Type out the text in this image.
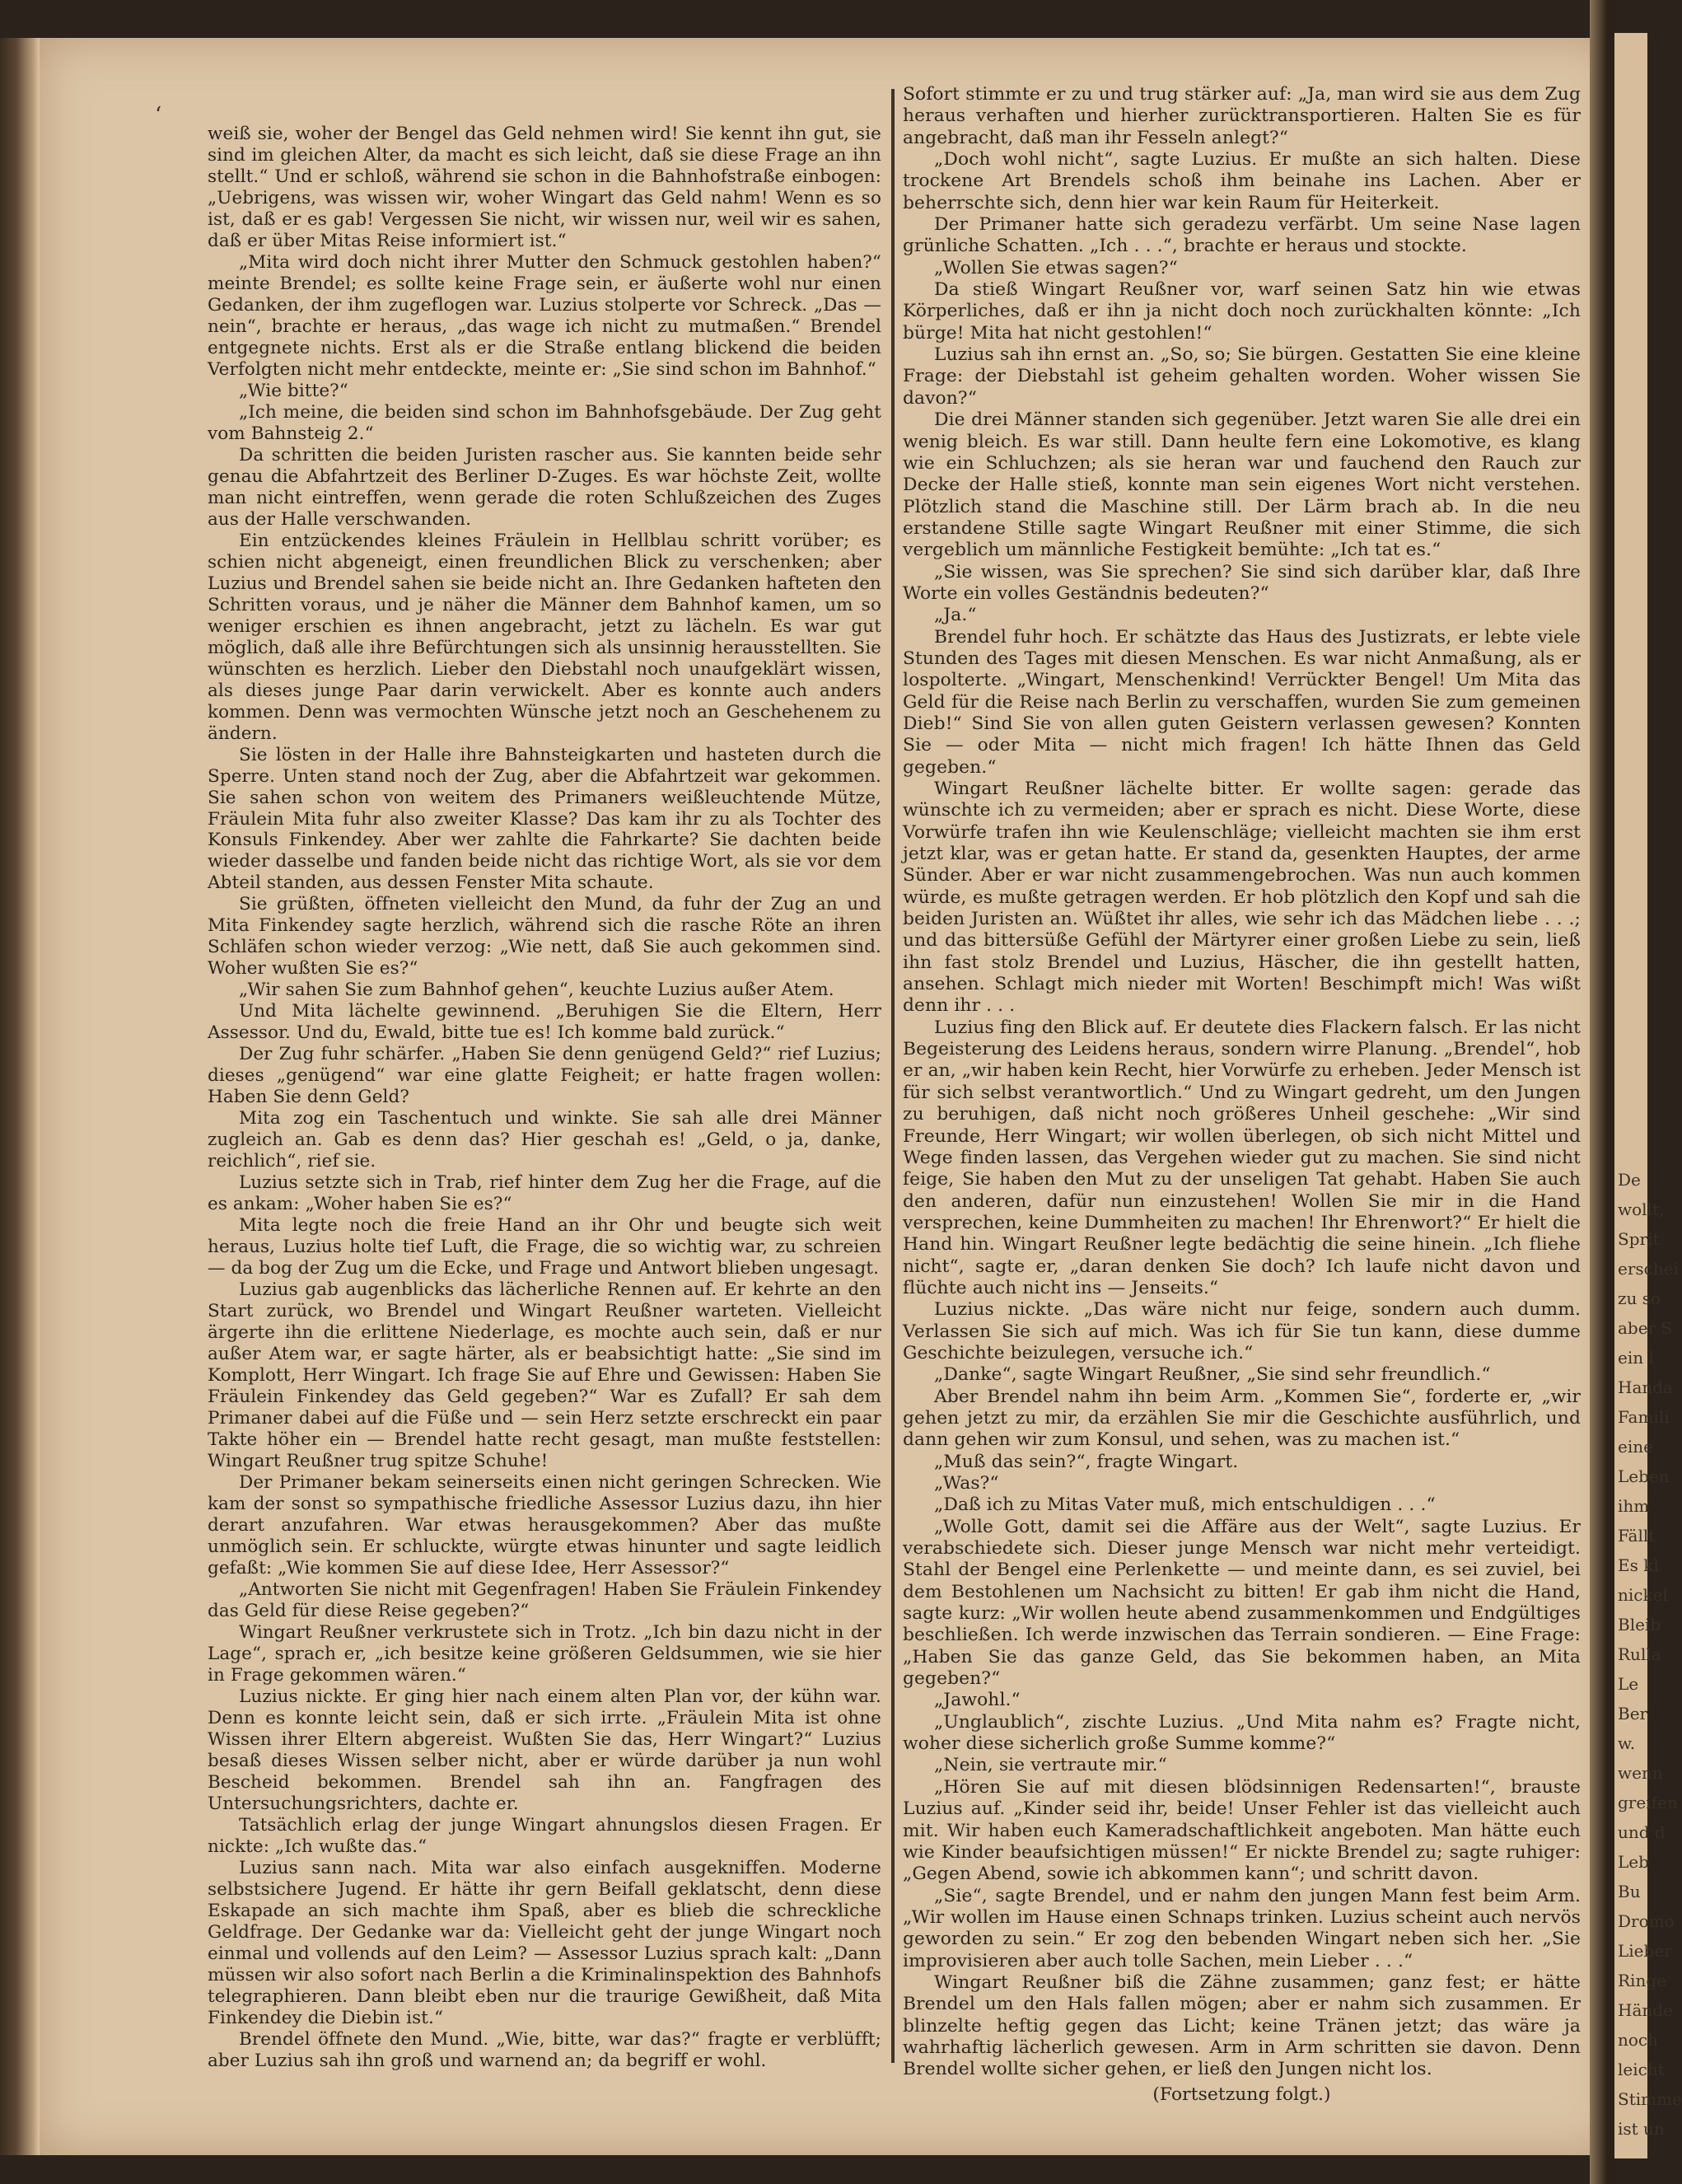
De
wollt,
Sprit
erschei
zu so
aber S
ein l
Handa
Famili
eine
Leben
ihm
Fällt
Es kl
nickel
Bleib
Rulla
Le
Ber
w.
wenn
greifen
und d
Leb
Bu
Dromo
Lieber
Ringe
Hände
noch
leicht
Stimme
ist un
ʻ

weiß sie, woher der Bengel das Geld nehmen wird! Sie kennt ihn gut, sie sind im gleichen Alter, da macht es sich leicht, daß sie diese Frage an ihn stellt.“ Und er schloß, während sie schon in die Bahnhofstraße einbogen: „Uebrigens, was wissen wir, woher Wingart das Geld nahm! Wenn es so ist, daß er es gab! Vergessen Sie nicht, wir wissen nur, weil wir es sahen, daß er über Mitas Reise informiert ist.“

„Mita wird doch nicht ihrer Mutter den Schmuck gestohlen haben?“ meinte Brendel; es sollte keine Frage sein, er äußerte wohl nur einen Gedanken, der ihm zugeflogen war. Luzius stolperte vor Schreck. „Das — nein“, brachte er heraus, „das wage ich nicht zu mutmaßen.“ Brendel entgegnete nichts. Erst als er die Straße entlang blickend die beiden Verfolgten nicht mehr entdeckte, meinte er: „Sie sind schon im Bahnhof.“

„Wie bitte?“

„Ich meine, die beiden sind schon im Bahnhofsgebäude. Der Zug geht vom Bahnsteig 2.“

Da schritten die beiden Juristen rascher aus. Sie kannten beide sehr genau die Abfahrtzeit des Berliner D-Zuges. Es war höchste Zeit, wollte man nicht eintreffen, wenn gerade die roten Schlußzeichen des Zuges aus der Halle verschwanden.

Ein entzückendes kleines Fräulein in Hellblau schritt vorüber; es schien nicht abgeneigt, einen freundlichen Blick zu verschenken; aber Luzius und Brendel sahen sie beide nicht an. Ihre Gedanken hafteten den Schritten voraus, und je näher die Männer dem Bahnhof kamen, um so weniger erschien es ihnen angebracht, jetzt zu lächeln. Es war gut möglich, daß alle ihre Befürchtungen sich als unsinnig herausstellten. Sie wünschten es herzlich. Lieber den Diebstahl noch unaufgeklärt wissen, als dieses junge Paar darin verwickelt. Aber es konnte auch anders kommen. Denn was vermochten Wünsche jetzt noch an Geschehenem zu ändern.

Sie lösten in der Halle ihre Bahnsteigkarten und hasteten durch die Sperre. Unten stand noch der Zug, aber die Abfahrtzeit war gekommen. Sie sahen schon von weitem des Primaners weißleuchtende Mütze, Fräulein Mita fuhr also zweiter Klasse? Das kam ihr zu als Tochter des Konsuls Finkendey. Aber wer zahlte die Fahrkarte? Sie dachten beide wieder dasselbe und fanden beide nicht das richtige Wort, als sie vor dem Abteil standen, aus dessen Fenster Mita schaute.

Sie grüßten, öffneten vielleicht den Mund, da fuhr der Zug an und Mita Finkendey sagte herzlich, während sich die rasche Röte an ihren Schläfen schon wieder verzog: „Wie nett, daß Sie auch gekommen sind. Woher wußten Sie es?“

„Wir sahen Sie zum Bahnhof gehen“, keuchte Luzius außer Atem.

Und Mita lächelte gewinnend. „Beruhigen Sie die Eltern, Herr Assessor. Und du, Ewald, bitte tue es! Ich komme bald zurück.“

Der Zug fuhr schärfer. „Haben Sie denn genügend Geld?“ rief Luzius; dieses „genügend“ war eine glatte Feigheit; er hatte fragen wollen: Haben Sie denn Geld?

Mita zog ein Taschentuch und winkte. Sie sah alle drei Männer zugleich an. Gab es denn das? Hier geschah es! „Geld, o ja, danke, reichlich“, rief sie.

Luzius setzte sich in Trab, rief hinter dem Zug her die Frage, auf die es ankam: „Woher haben Sie es?“

Mita legte noch die freie Hand an ihr Ohr und beugte sich weit heraus, Luzius holte tief Luft, die Frage, die so wichtig war, zu schreien — da bog der Zug um die Ecke, und Frage und Antwort blieben ungesagt.

Luzius gab augenblicks das lächerliche Rennen auf. Er kehrte an den Start zurück, wo Brendel und Wingart Reußner warteten. Vielleicht ärgerte ihn die erlittene Niederlage, es mochte auch sein, daß er nur außer Atem war, er sagte härter, als er beabsichtigt hatte: „Sie sind im Komplott, Herr Wingart. Ich frage Sie auf Ehre und Gewissen: Haben Sie Fräulein Finkendey das Geld gegeben?“ War es Zufall? Er sah dem Primaner dabei auf die Füße und — sein Herz setzte erschreckt ein paar Takte höher ein — Brendel hatte recht gesagt, man mußte feststellen: Wingart Reußner trug spitze Schuhe!

Der Primaner bekam seinerseits einen nicht geringen Schrecken. Wie kam der sonst so sympathische friedliche Assessor Luzius dazu, ihn hier derart anzufahren. War etwas herausgekommen? Aber das mußte unmöglich sein. Er schluckte, würgte etwas hinunter und sagte leidlich gefaßt: „Wie kommen Sie auf diese Idee, Herr Assessor?“

„Antworten Sie nicht mit Gegenfragen! Haben Sie Fräulein Finkendey das Geld für diese Reise gegeben?“

Wingart Reußner verkrustete sich in Trotz. „Ich bin dazu nicht in der Lage“, sprach er, „ich besitze keine größeren Geldsummen, wie sie hier in Frage gekommen wären.“

Luzius nickte. Er ging hier nach einem alten Plan vor, der kühn war. Denn es konnte leicht sein, daß er sich irrte. „Fräulein Mita ist ohne Wissen ihrer Eltern abgereist. Wußten Sie das, Herr Wingart?“ Luzius besaß dieses Wissen selber nicht, aber er würde darüber ja nun wohl Bescheid bekommen. Brendel sah ihn an. Fangfragen des Untersuchungsrichters, dachte er.

Tatsächlich erlag der junge Wingart ahnungslos diesen Fragen. Er nickte: „Ich wußte das.“

Luzius sann nach. Mita war also einfach ausgekniffen. Moderne selbstsichere Jugend. Er hätte ihr gern Beifall geklatscht, denn diese Eskapade an sich machte ihm Spaß, aber es blieb die schreckliche Geldfrage. Der Gedanke war da: Vielleicht geht der junge Wingart noch einmal und vollends auf den Leim? — Assessor Luzius sprach kalt: „Dann müssen wir also sofort nach Berlin a die Kriminalinspektion des Bahnhofs telegraphieren. Dann bleibt eben nur die traurige Gewißheit, daß Mita Finkendey die Diebin ist.“

Brendel öffnete den Mund. „Wie, bitte, war das?“ fragte er verblüfft; aber Luzius sah ihn groß und warnend an; da begriff er wohl.

Sofort stimmte er zu und trug stärker auf: „Ja, man wird sie aus dem Zug heraus verhaften und hierher zurücktransportieren. Halten Sie es für angebracht, daß man ihr Fesseln anlegt?“

„Doch wohl nicht“, sagte Luzius. Er mußte an sich halten. Diese trockene Art Brendels schoß ihm beinahe ins Lachen. Aber er beherrschte sich, denn hier war kein Raum für Heiterkeit.

Der Primaner hatte sich geradezu verfärbt. Um seine Nase lagen grünliche Schatten. „Ich . . .“, brachte er heraus und stockte.

„Wollen Sie etwas sagen?“

Da stieß Wingart Reußner vor, warf seinen Satz hin wie etwas Körperliches, daß er ihn ja nicht doch noch zurückhalten könnte: „Ich bürge! Mita hat nicht gestohlen!“

Luzius sah ihn ernst an. „So, so; Sie bürgen. Gestatten Sie eine kleine Frage: der Diebstahl ist geheim gehalten worden. Woher wissen Sie davon?“

Die drei Männer standen sich gegenüber. Jetzt waren Sie alle drei ein wenig bleich. Es war still. Dann heulte fern eine Lokomotive, es klang wie ein Schluchzen; als sie heran war und fauchend den Rauch zur Decke der Halle stieß, konnte man sein eigenes Wort nicht verstehen. Plötzlich stand die Maschine still. Der Lärm brach ab. In die neu erstandene Stille sagte Wingart Reußner mit einer Stimme, die sich vergeblich um männliche Festigkeit bemühte: „Ich tat es.“

„Sie wissen, was Sie sprechen? Sie sind sich darüber klar, daß Ihre Worte ein volles Geständnis bedeuten?“

„Ja.“

Brendel fuhr hoch. Er schätzte das Haus des Justizrats, er lebte viele Stunden des Tages mit diesen Menschen. Es war nicht Anmaßung, als er lospolterte. „Wingart, Menschenkind! Verrückter Bengel! Um Mita das Geld für die Reise nach Berlin zu verschaffen, wurden Sie zum gemeinen Dieb!“ Sind Sie von allen guten Geistern verlassen gewesen? Konnten Sie — oder Mita — nicht mich fragen! Ich hätte Ihnen das Geld gegeben.“

Wingart Reußner lächelte bitter. Er wollte sagen: gerade das wünschte ich zu vermeiden; aber er sprach es nicht. Diese Worte, diese Vorwürfe trafen ihn wie Keulenschläge; vielleicht machten sie ihm erst jetzt klar, was er getan hatte. Er stand da, gesenkten Hauptes, der arme Sünder. Aber er war nicht zusammengebrochen. Was nun auch kommen würde, es mußte getragen werden. Er hob plötzlich den Kopf und sah die beiden Juristen an. Wüßtet ihr alles, wie sehr ich das Mädchen liebe . . .; und das bittersüße Gefühl der Märtyrer einer großen Liebe zu sein, ließ ihn fast stolz Brendel und Luzius, Häscher, die ihn gestellt hatten, ansehen. Schlagt mich nieder mit Worten! Beschimpft mich! Was wißt denn ihr . . .

Luzius fing den Blick auf. Er deutete dies Flackern falsch. Er las nicht Begeisterung des Leidens heraus, sondern wirre Planung. „Brendel“, hob er an, „wir haben kein Recht, hier Vorwürfe zu erheben. Jeder Mensch ist für sich selbst verantwortlich.“ Und zu Wingart gedreht, um den Jungen zu beruhigen, daß nicht noch größeres Unheil geschehe: „Wir sind Freunde, Herr Wingart; wir wollen überlegen, ob sich nicht Mittel und Wege finden lassen, das Vergehen wieder gut zu machen. Sie sind nicht feige, Sie haben den Mut zu der unseligen Tat gehabt. Haben Sie auch den anderen, dafür nun einzustehen! Wollen Sie mir in die Hand versprechen, keine Dummheiten zu machen! Ihr Ehrenwort?“ Er hielt die Hand hin. Wingart Reußner legte bedächtig die seine hinein. „Ich fliehe nicht“, sagte er, „daran denken Sie doch? Ich laufe nicht davon und flüchte auch nicht ins — Jenseits.“

Luzius nickte. „Das wäre nicht nur feige, sondern auch dumm. Verlassen Sie sich auf mich. Was ich für Sie tun kann, diese dumme Geschichte beizulegen, versuche ich.“

„Danke“, sagte Wingart Reußner, „Sie sind sehr freundlich.“

Aber Brendel nahm ihn beim Arm. „Kommen Sie“, forderte er, „wir gehen jetzt zu mir, da erzählen Sie mir die Geschichte ausführlich, und dann gehen wir zum Konsul, und sehen, was zu machen ist.“

„Muß das sein?“, fragte Wingart.

„Was?“

„Daß ich zu Mitas Vater muß, mich entschuldigen . . .“

„Wolle Gott, damit sei die Affäre aus der Welt“, sagte Luzius. Er verabschiedete sich. Dieser junge Mensch war nicht mehr verteidigt. Stahl der Bengel eine Perlenkette — und meinte dann, es sei zuviel, bei dem Bestohlenen um Nachsicht zu bitten! Er gab ihm nicht die Hand, sagte kurz: „Wir wollen heute abend zusammenkommen und Endgültiges beschließen. Ich werde inzwischen das Terrain sondieren. — Eine Frage: „Haben Sie das ganze Geld, das Sie bekommen haben, an Mita gegeben?“

„Jawohl.“

„Unglaublich“, zischte Luzius. „Und Mita nahm es? Fragte nicht, woher diese sicherlich große Summe komme?“

„Nein, sie vertraute mir.“

„Hören Sie auf mit diesen blödsinnigen Redensarten!“, brauste Luzius auf. „Kinder seid ihr, beide! Unser Fehler ist das vielleicht auch mit. Wir haben euch Kameradschaftlichkeit angeboten. Man hätte euch wie Kinder beaufsichtigen müssen!“ Er nickte Brendel zu; sagte ruhiger: „Gegen Abend, sowie ich abkommen kann“; und schritt davon.

„Sie“, sagte Brendel, und er nahm den jungen Mann fest beim Arm. „Wir wollen im Hause einen Schnaps trinken. Luzius scheint auch nervös geworden zu sein.“ Er zog den bebenden Wingart neben sich her. „Sie improvisieren aber auch tolle Sachen, mein Lieber . . .“

Wingart Reußner biß die Zähne zusammen; ganz fest; er hätte Brendel um den Hals fallen mögen; aber er nahm sich zusammen. Er blinzelte heftig gegen das Licht; keine Tränen jetzt; das wäre ja wahrhaftig lächerlich gewesen. Arm in Arm schritten sie davon. Denn Brendel wollte sicher gehen, er ließ den Jungen nicht los.

(Fortsetzung folgt.)
